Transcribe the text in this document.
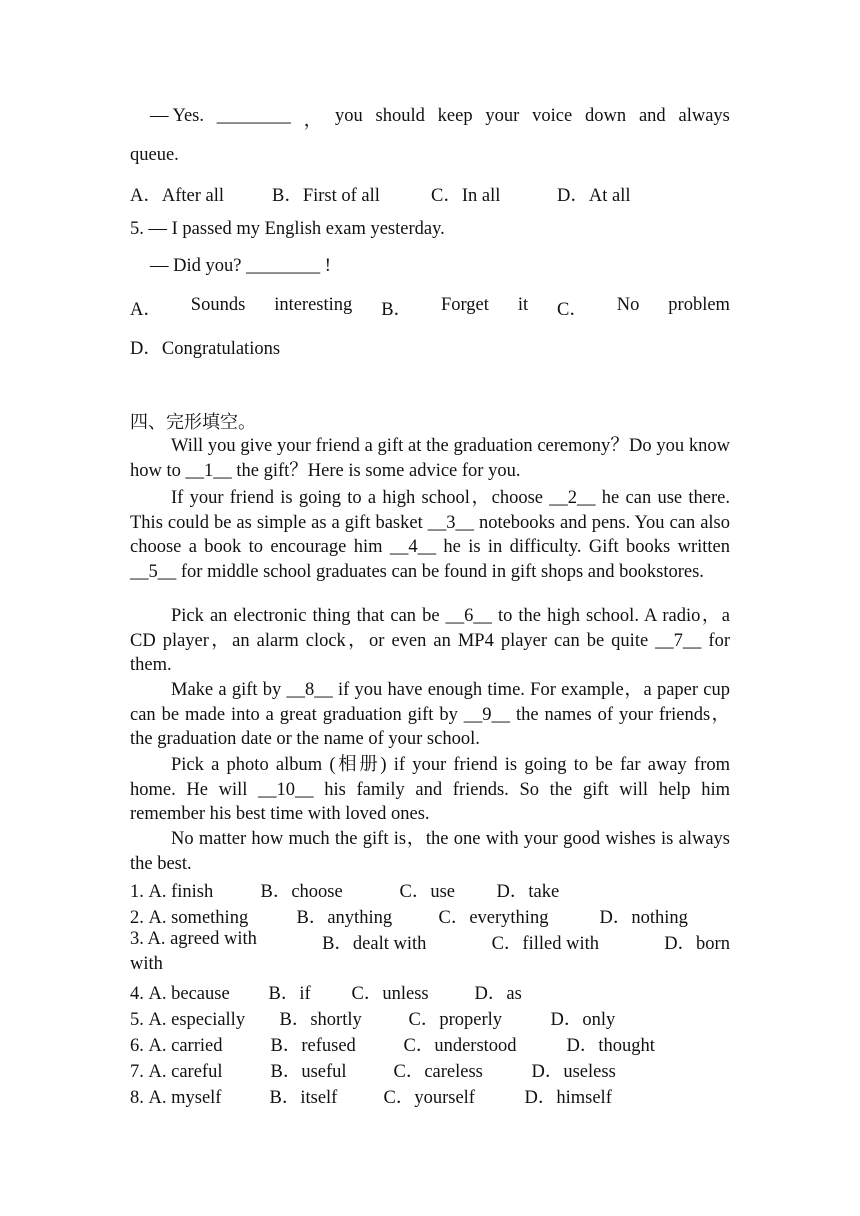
— Yes. ________ ， you should keep your voice down and always
queue.
A．After all	B．First of all	C．In all	D．At all
5. — I passed my English exam yesterday.
— Did you? ________ !
A． Sounds interesting B． Forget it C． No problem
D．Congratulations
四、完形填空。
Will you give your friend a gift at the graduation ceremony？Do you know how to __1__ the gift？Here is some advice for you.
If your friend is going to a high school，choose __2__ he can use there. This could be as simple as a gift basket __3__ notebooks and pens. You can also choose a book to encourage him __4__ he is in difficulty. Gift books written __5__ for middle school graduates can be found in gift shops and bookstores.
Pick an electronic thing that can be __6__ to the high school. A radio，a CD player，an alarm clock，or even an MP4 player can be quite __7__ for them.
Make a gift by __8__ if you have enough time. For example，a paper cup can be made into a great graduation gift by __9__ the names of your friends，the graduation date or the name of your school.
Pick a photo album (相册) if your friend is going to be far away from home. He will __10__ his family and friends. So the gift will help him remember his best time with loved ones.
No matter how much the gift is，the one with your good wishes is always the best.
1. A. finish	B．choose	C．use D．take
2. A. something	B．anything	C．everything	D．nothing
3. A. agreed with	B．dealt with	C．filled with	D．born
with
4. A. because B．if C．unless D．as
5. A. especially B．shortly	C．properly	D．only
6. A. carried	B．refused	C．understood	D．thought
7. A. careful	B．useful	C．careless	D．useless
8. A. myself	B．itself C．yourself	D．himself
